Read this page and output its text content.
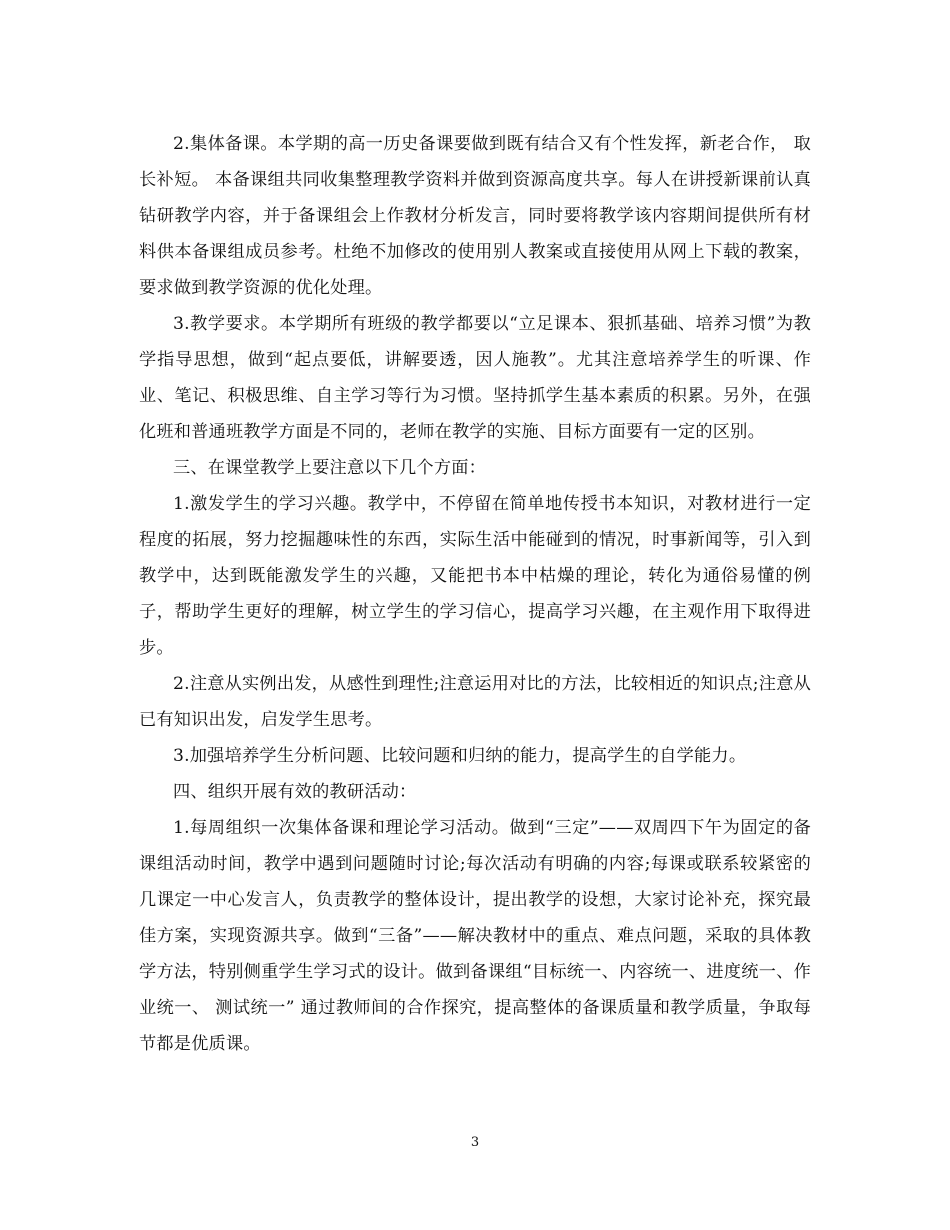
2.集体备课。本学期的高一历史备课要做到既有结合又有个性发挥，新老合作， 取长补短。 本备课组共同收集整理教学资料并做到资源高度共享。每人在讲授新课前认真钻研教学内容，并于备课组会上作教材分析发言，同时要将教学该内容期间提供所有材料供本备课组成员参考。杜绝不加修改的使用别人教案或直接使用从网上下载的教案，要求做到教学资源的优化处理。

3.教学要求。本学期所有班级的教学都要以“立足课本、狠抓基础、培养习惯”为教学指导思想，做到“起点要低，讲解要透，因人施教”。尤其注意培养学生的听课、作业、笔记、积极思维、自主学习等行为习惯。坚持抓学生基本素质的积累。另外，在强化班和普通班教学方面是不同的，老师在教学的实施、目标方面要有一定的区别。

三、在课堂教学上要注意以下几个方面：

1.激发学生的学习兴趣。教学中，不停留在简单地传授书本知识，对教材进行一定程度的拓展，努力挖掘趣味性的东西，实际生活中能碰到的情况，时事新闻等，引入到教学中，达到既能激发学生的兴趣，又能把书本中枯燥的理论，转化为通俗易懂的例子，帮助学生更好的理解，树立学生的学习信心，提高学习兴趣，在主观作用下取得进步。

2.注意从实例出发，从感性到理性;注意运用对比的方法，比较相近的知识点;注意从已有知识出发，启发学生思考。

3.加强培养学生分析问题、比较问题和归纳的能力，提高学生的自学能力。

四、组织开展有效的教研活动：

1.每周组织一次集体备课和理论学习活动。做到“三定”——双周四下午为固定的备课组活动时间，教学中遇到问题随时讨论;每次活动有明确的内容;每课或联系较紧密的几课定一中心发言人，负责教学的整体设计，提出教学的设想，大家讨论补充，探究最佳方案，实现资源共享。做到“三备”——解决教材中的重点、难点问题，采取的具体教学方法，特别侧重学生学习式的设计。做到备课组“目标统一、内容统一、进度统一、作业统一、 测试统一” 通过教师间的合作探究，提高整体的备课质量和教学质量，争取每节都是优质课。

3
